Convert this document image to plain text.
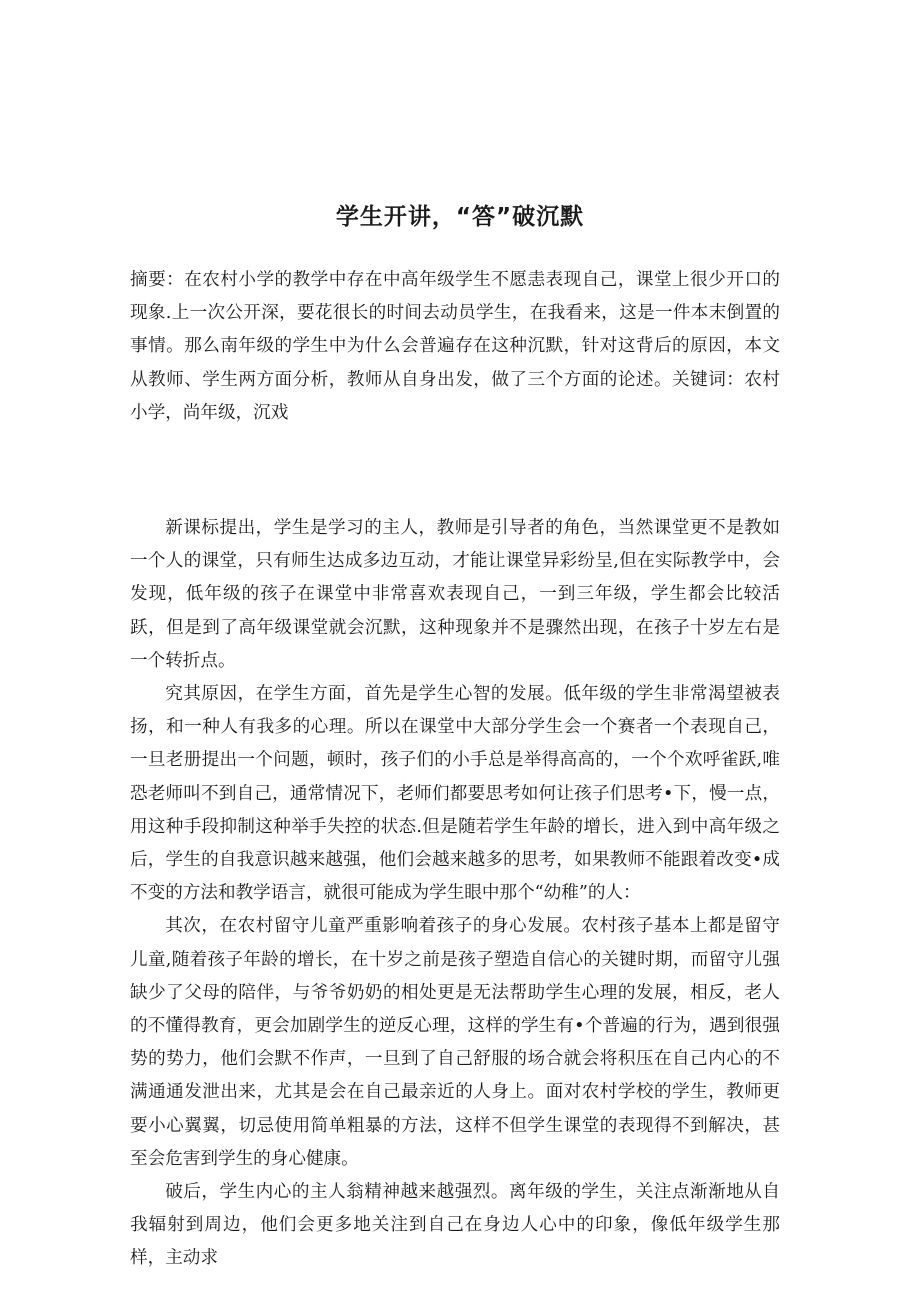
学生开讲，“答”破沉默

摘要：在农村小学的教学中存在中高年级学生不愿恚表现自己，课堂上很少开口的现象.上一次公开深，要花很长的时间去动员学生，在我看来，这是一件本末倒置的事情。那么南年级的学生中为什么会普遍存在这种沉默，针对这背后的原因，本文从教师、学生两方面分析，教师从自身出发，做了三个方面的论述。关键词：农村小学，尚年级，沉戏

新课标提出，学生是学习的主人，教师是引导者的角色，当然课堂更不是教如一个人的课堂，只有师生达成多边互动，才能让课堂异彩纷呈,但在实际教学中，会发现，低年级的孩子在课堂中非常喜欢表现自己，一到三年级，学生都会比较活跃，但是到了高年级课堂就会沉默，这种现象并不是骤然出现，在孩子十岁左右是一个转折点。

究其原因，在学生方面，首先是学生心智的发展。低年级的学生非常渴望被表扬，和一种人有我多的心理。所以在课堂中大部分学生会一个赛者一个表现自己，一旦老册提出一个问题，顿时，孩子们的小手总是举得高高的，一个个欢呼雀跃,唯恐老师叫不到自己，通常情况下，老师们都要思考如何让孩子们思考•下，慢一点，用这种手段抑制这种举手失控的状态.但是随若学生年龄的增长，进入到中高年级之后，学生的自我意识越来越强，他们会越来越多的思考，如果教师不能跟着改变•成不变的方法和教学语言，就很可能成为学生眼中那个“幼稚”的人：

其次，在农村留守儿童严重影响着孩子的身心发展。农村孩子基本上都是留守儿童,随着孩子年龄的增长，在十岁之前是孩子塑造自信心的关键时期，而留守儿强缺少了父母的陪伴，与爷爷奶奶的相处更是无法帮助学生心理的发展，相反，老人的不懂得教育，更会加剧学生的逆反心理，这样的学生有•个普遍的行为，遇到很强势的势力，他们会默不作声，一旦到了自己舒服的场合就会将积压在自己内心的不满通通发泄出来，尤其是会在自己最亲近的人身上。面对农村学校的学生，教师更要小心翼翼，切忌使用简单粗暴的方法，这样不但学生课堂的表现得不到解决，甚至会危害到学生的身心健康。

破后，学生内心的主人翁精神越来越强烈。离年级的学生，关注点渐渐地从自我辐射到周边，他们会更多地关注到自己在身边人心中的印象，像低年级学生那样，主动求
